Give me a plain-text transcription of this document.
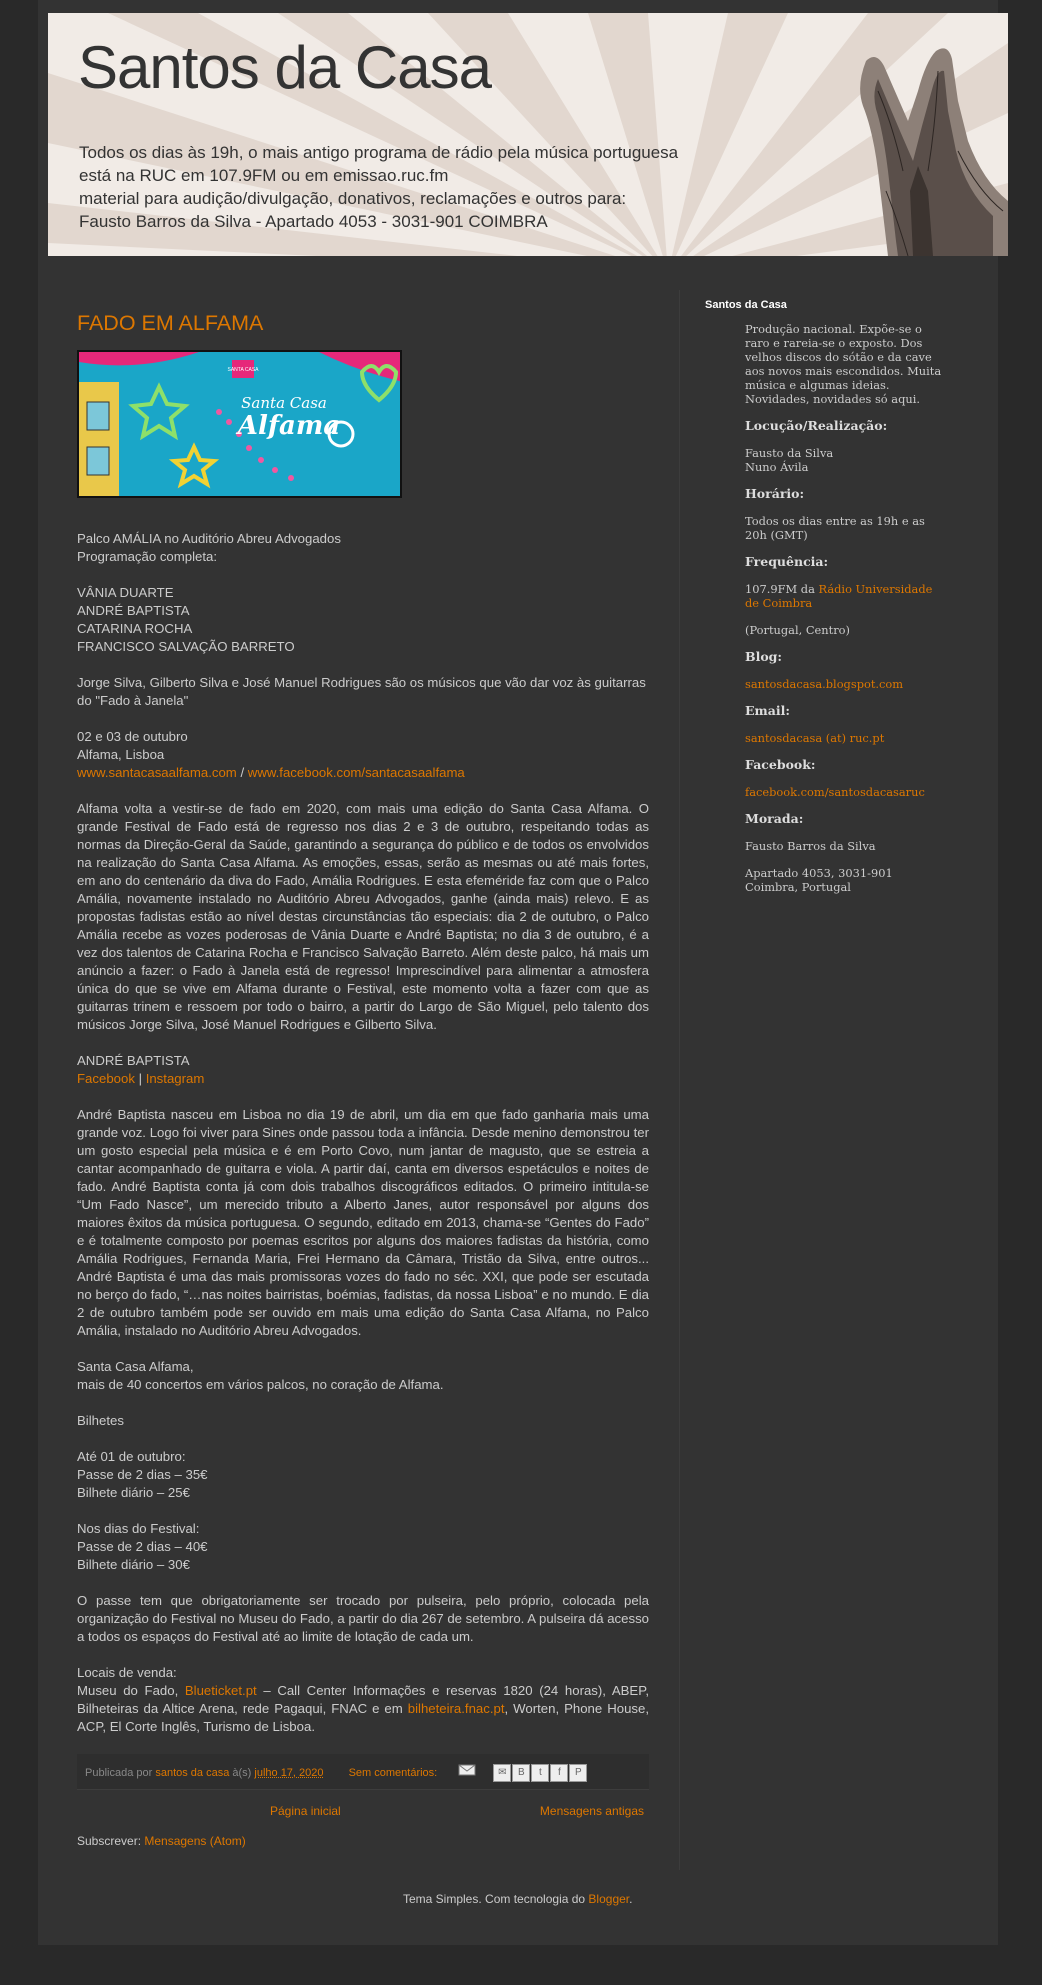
Santos da Casa
Todos os dias às 19h, o mais antigo programa de rádio pela música portuguesa
está na RUC em 107.9FM ou em emissao.ruc.fm
material para audição/divulgação, donativos, reclamações e outros para:
Fausto Barros da Silva - Apartado 4053 - 3031-901 COIMBRA
FADO EM ALFAMA
SANTA CASA
Santa Casa
Alfama
Palco AMÁLIA no Auditório Abreu Advogados
Programação completa:
VÂNIA DUARTE
ANDRÉ BAPTISTA
CATARINA ROCHA
FRANCISCO SALVAÇÃO BARRETO
Jorge Silva, Gilberto Silva e José Manuel Rodrigues são os músicos que vão dar voz às guitarras do "Fado à Janela"
02 e 03 de outubro
Alfama, Lisboa
www.santacasaalfama.com / www.facebook.com/santacasaalfama
Alfama volta a vestir-se de fado em 2020, com mais uma edição do Santa Casa Alfama. O grande Festival de Fado está de regresso nos dias 2 e 3 de outubro, respeitando todas as normas da Direção-Geral da Saúde, garantindo a segurança do público e de todos os envolvidos na realização do Santa Casa Alfama. As emoções, essas, serão as mesmas ou até mais fortes, em ano do centenário da diva do Fado, Amália Rodrigues. E esta efeméride faz com que o Palco Amália, novamente instalado no Auditório Abreu Advogados, ganhe (ainda mais) relevo. E as propostas fadistas estão ao nível destas circunstâncias tão especiais: dia 2 de outubro, o Palco Amália recebe as vozes poderosas de Vânia Duarte e André Baptista; no dia 3 de outubro, é a vez dos talentos de Catarina Rocha e Francisco Salvação Barreto. Além deste palco, há mais um anúncio a fazer: o Fado à Janela está de regresso! Imprescindível para alimentar a atmosfera única do que se vive em Alfama durante o Festival, este momento volta a fazer com que as guitarras trinem e ressoem por todo o bairro, a partir do Largo de São Miguel, pelo talento dos músicos Jorge Silva, José Manuel Rodrigues e Gilberto Silva.
ANDRÉ BAPTISTA
Facebook | Instagram
André Baptista nasceu em Lisboa no dia 19 de abril, um dia em que fado ganharia mais uma grande voz. Logo foi viver para Sines onde passou toda a infância. Desde menino demonstrou ter um gosto especial pela música e é em Porto Covo, num jantar de magusto, que se estreia a cantar acompanhado de guitarra e viola. A partir daí, canta em diversos espetáculos e noites de fado. André Baptista conta já com dois trabalhos discográficos editados. O primeiro intitula-se “Um Fado Nasce”, um merecido tributo a Alberto Janes, autor responsável por alguns dos maiores êxitos da música portuguesa. O segundo, editado em 2013, chama-se “Gentes do Fado” e é totalmente composto por poemas escritos por alguns dos maiores fadistas da história, como Amália Rodrigues, Fernanda Maria, Frei Hermano da Câmara, Tristão da Silva, entre outros... André Baptista é uma das mais promissoras vozes do fado no séc. XXI, que pode ser escutada no berço do fado, “…nas noites bairristas, boémias, fadistas, da nossa Lisboa” e no mundo. E dia 2 de outubro também pode ser ouvido em mais uma edição do Santa Casa Alfama, no Palco Amália, instalado no Auditório Abreu Advogados.
Santa Casa Alfama,
mais de 40 concertos em vários palcos, no coração de Alfama.
Bilhetes
Até 01 de outubro:
Passe de 2 dias – 35€
Bilhete diário – 25€
Nos dias do Festival:
Passe de 2 dias – 40€
Bilhete diário – 30€
O passe tem que obrigatoriamente ser trocado por pulseira, pelo próprio, colocada pela organização do Festival no Museu do Fado, a partir do dia 267 de setembro. A pulseira dá acesso a todos os espaços do Festival até ao limite de lotação de cada um.
Locais de venda:
Museu do Fado, Blueticket.pt – Call Center Informações e reservas 1820 (24 horas), ABEP, Bilheteiras da Altice Arena, rede Pagaqui, FNAC e em bilheteira.fnac.pt, Worten, Phone House, ACP, El Corte Inglês, Turismo de Lisboa.
Publicada por santos da casa à(s) julho 17, 2020 Sem comentários:	✉ B t f P
Página inicial	Mensagens antigas
Subscrever: Mensagens (Atom)
Santos da Casa

Produção nacional. Expõe-se o raro e rareia-se o exposto. Dos velhos discos do sótão e da cave aos novos mais escondidos. Muita música e algumas ideias. Novidades, novidades só aqui.

Locução/Realização:

Fausto da Silva
Nuno Ávila

Horário:

Todos os dias entre as 19h e as 20h (GMT)

Frequência:

107.9FM da Rádio Universidade de Coimbra

(Portugal, Centro)

Blog:

santosdacasa.blogspot.com

Email:

santosdacasa (at) ruc.pt

Facebook:

facebook.com/santosdacasaruc

Morada:

Fausto Barros da Silva

Apartado 4053, 3031-901 Coimbra, Portugal

Tema Simples. Com tecnologia do Blogger.
